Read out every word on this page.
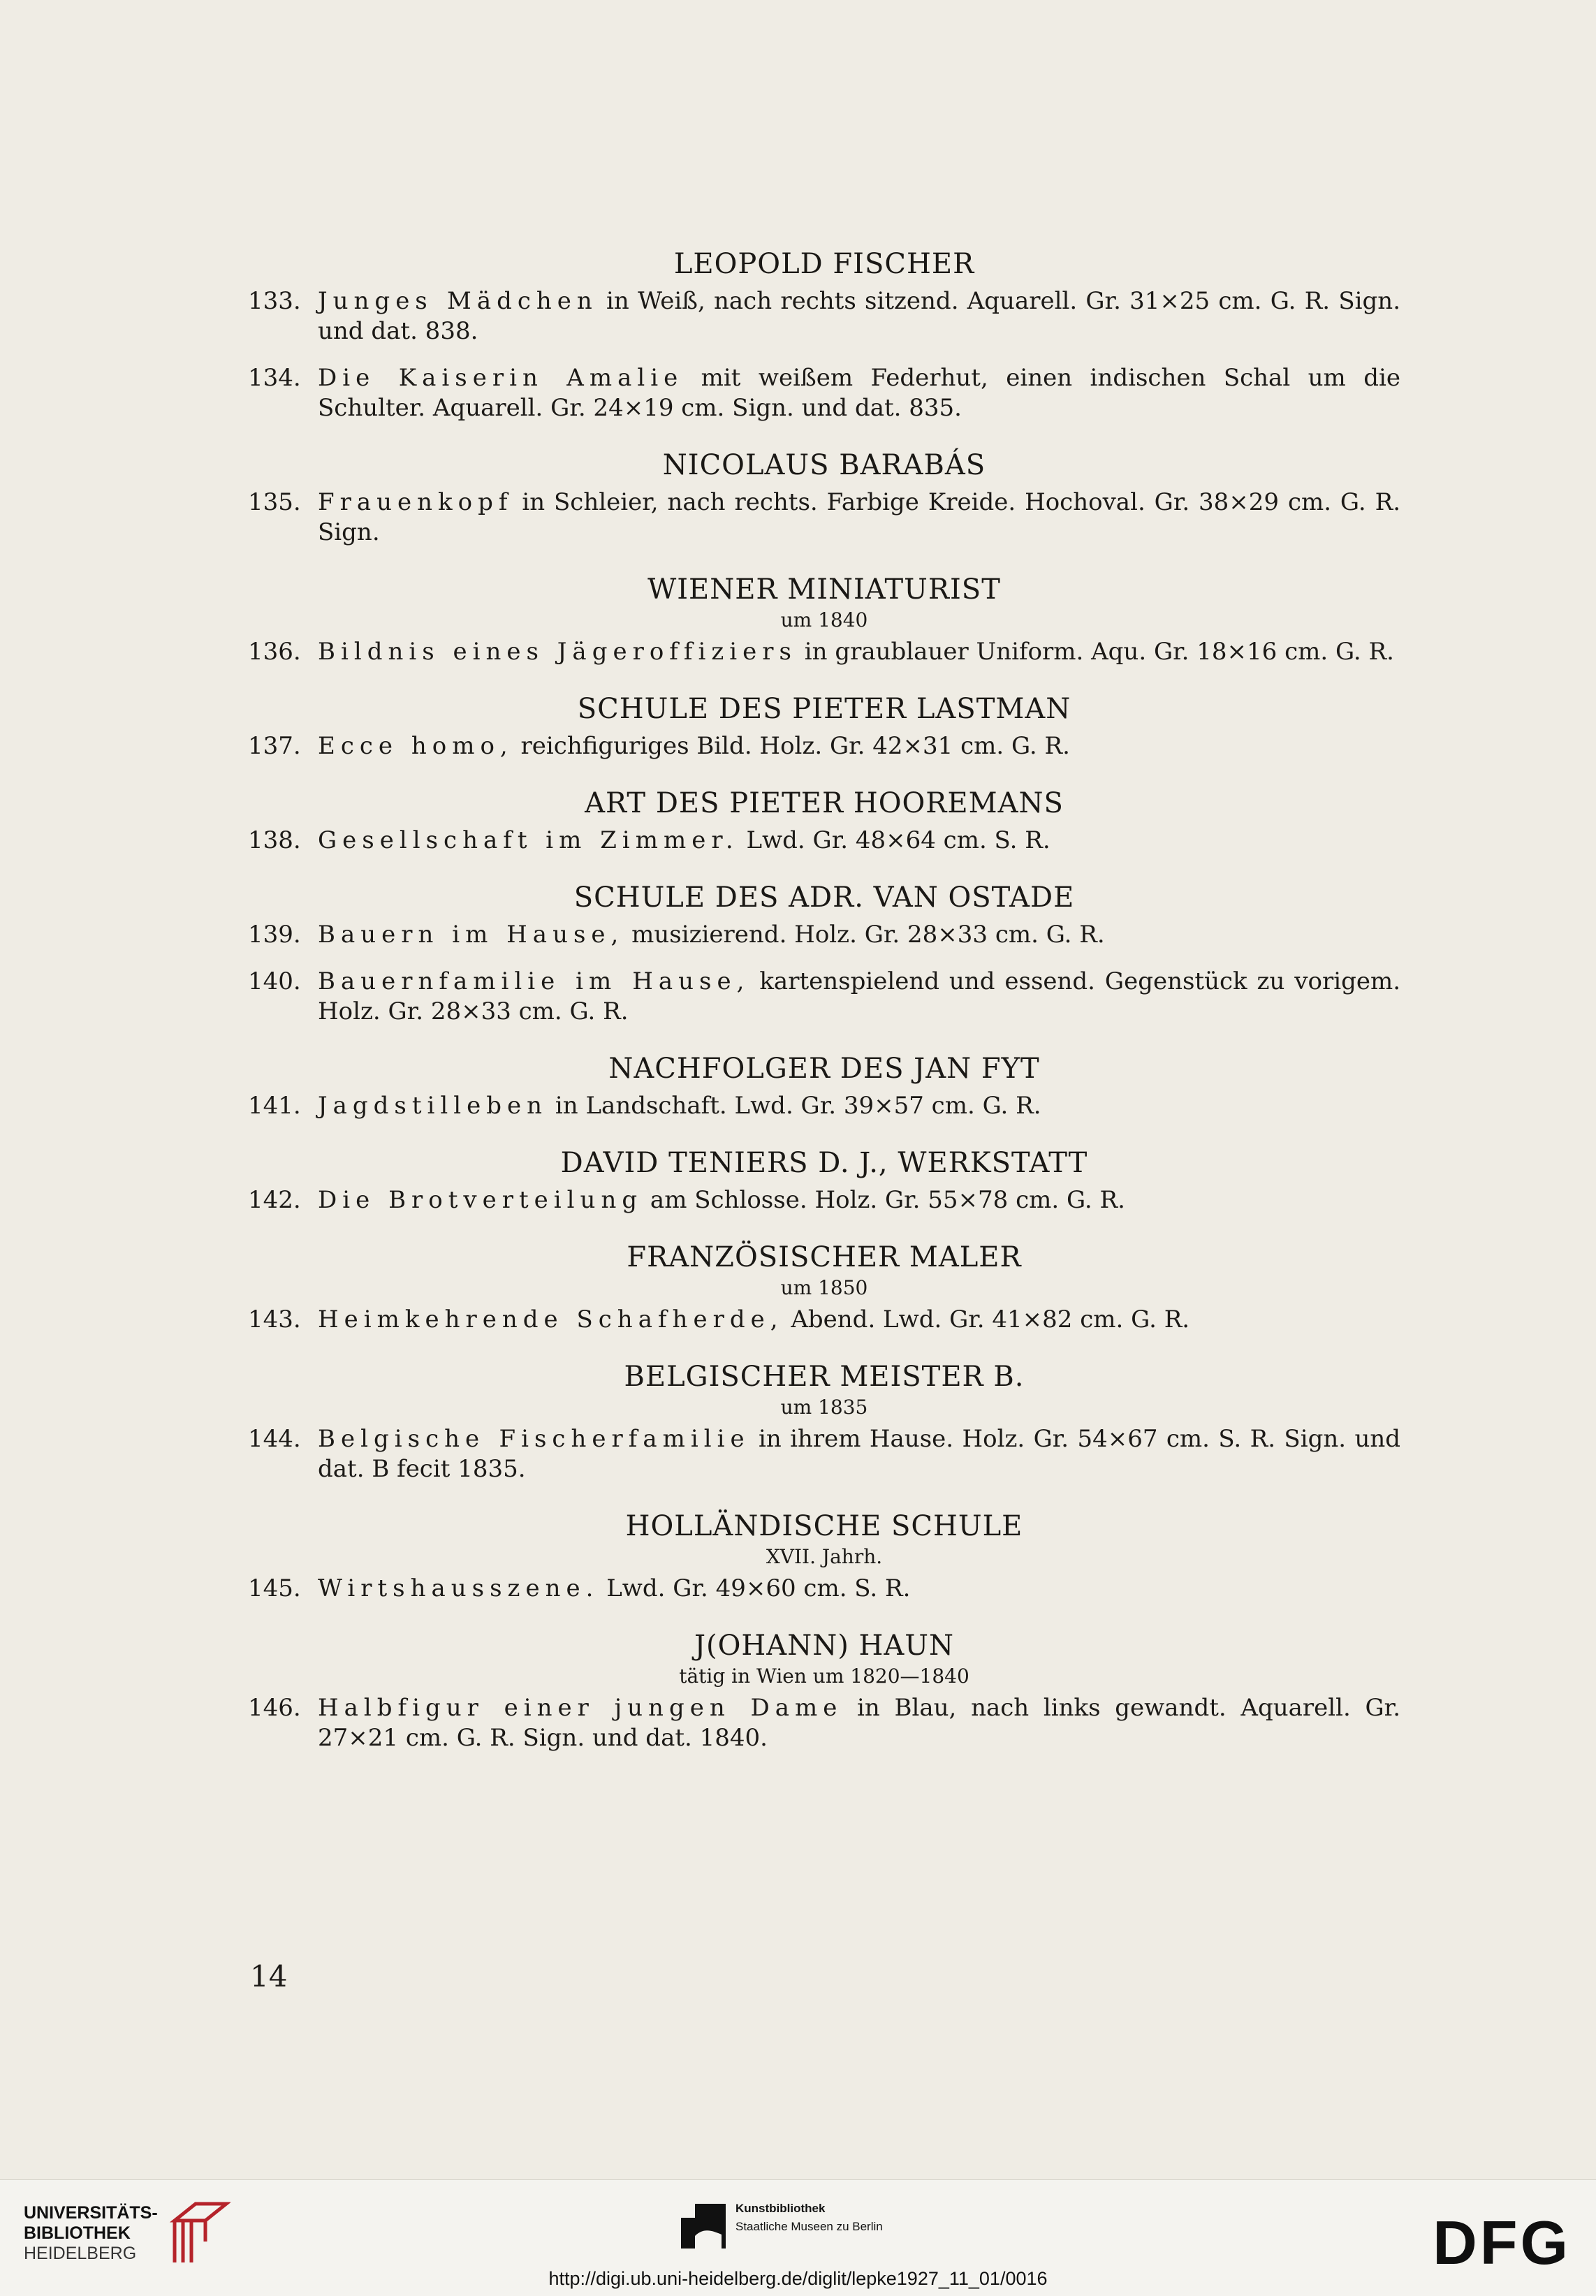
LEOPOLD FISCHER
133. Junges Mädchen in Weiß, nach rechts sitzend. Aquarell. Gr. 31×25 cm. G. R. Sign. und dat. 838.
134. Die Kaiserin Amalie mit weißem Federhut, einen indischen Schal um die Schulter. Aquarell. Gr. 24×19 cm. Sign. und dat. 835.
NICOLAUS BARABÁS
135. Frauenkopf in Schleier, nach rechts. Farbige Kreide. Hochoval. Gr. 38×29 cm. G. R. Sign.
WIENER MINIATURIST
um 1840
136. Bildnis eines Jägeroffiziers in graublauer Uniform. Aqu. Gr. 18×16 cm. G. R.
SCHULE DES PIETER LASTMAN
137. Ecce homo, reichfiguriges Bild. Holz. Gr. 42×31 cm. G. R.
ART DES PIETER HOOREMANS
138. Gesellschaft im Zimmer. Lwd. Gr. 48×64 cm. S. R.
SCHULE DES ADR. VAN OSTADE
139. Bauern im Hause, musizierend. Holz. Gr. 28×33 cm. G. R.
140. Bauernfamilie im Hause, kartenspielend und essend. Gegenstück zu vorigem. Holz. Gr. 28×33 cm. G. R.
NACHFOLGER DES JAN FYT
141. Jagdstilleben in Landschaft. Lwd. Gr. 39×57 cm. G. R.
DAVID TENIERS D. J., WERKSTATT
142. Die Brotverteilung am Schlosse. Holz. Gr. 55×78 cm. G. R.
FRANZÖSISCHER MALER
um 1850
143. Heimkehrende Schafherde, Abend. Lwd. Gr. 41×82 cm. G. R.
BELGISCHER MEISTER B.
um 1835
144. Belgische Fischerfamilie in ihrem Hause. Holz. Gr. 54×67 cm. S. R. Sign. und dat. B fecit 1835.
HOLLÄNDISCHE SCHULE
XVII. Jahrh.
145. Wirtshausszene. Lwd. Gr. 49×60 cm. S. R.
J(OHANN) HAUN
tätig in Wien um 1820—1840
146. Halbfigur einer jungen Dame in Blau, nach links gewandt. Aquarell. Gr. 27×21 cm. G. R. Sign. und dat. 1840.
14
UNIVERSITÄTS-
BIBLIOTHEK
HEIDELBERG
Kunstbibliothek
Staatliche Museen zu Berlin	DFG
http://digi.ub.uni-heidelberg.de/diglit/lepke1927_11_01/0016
